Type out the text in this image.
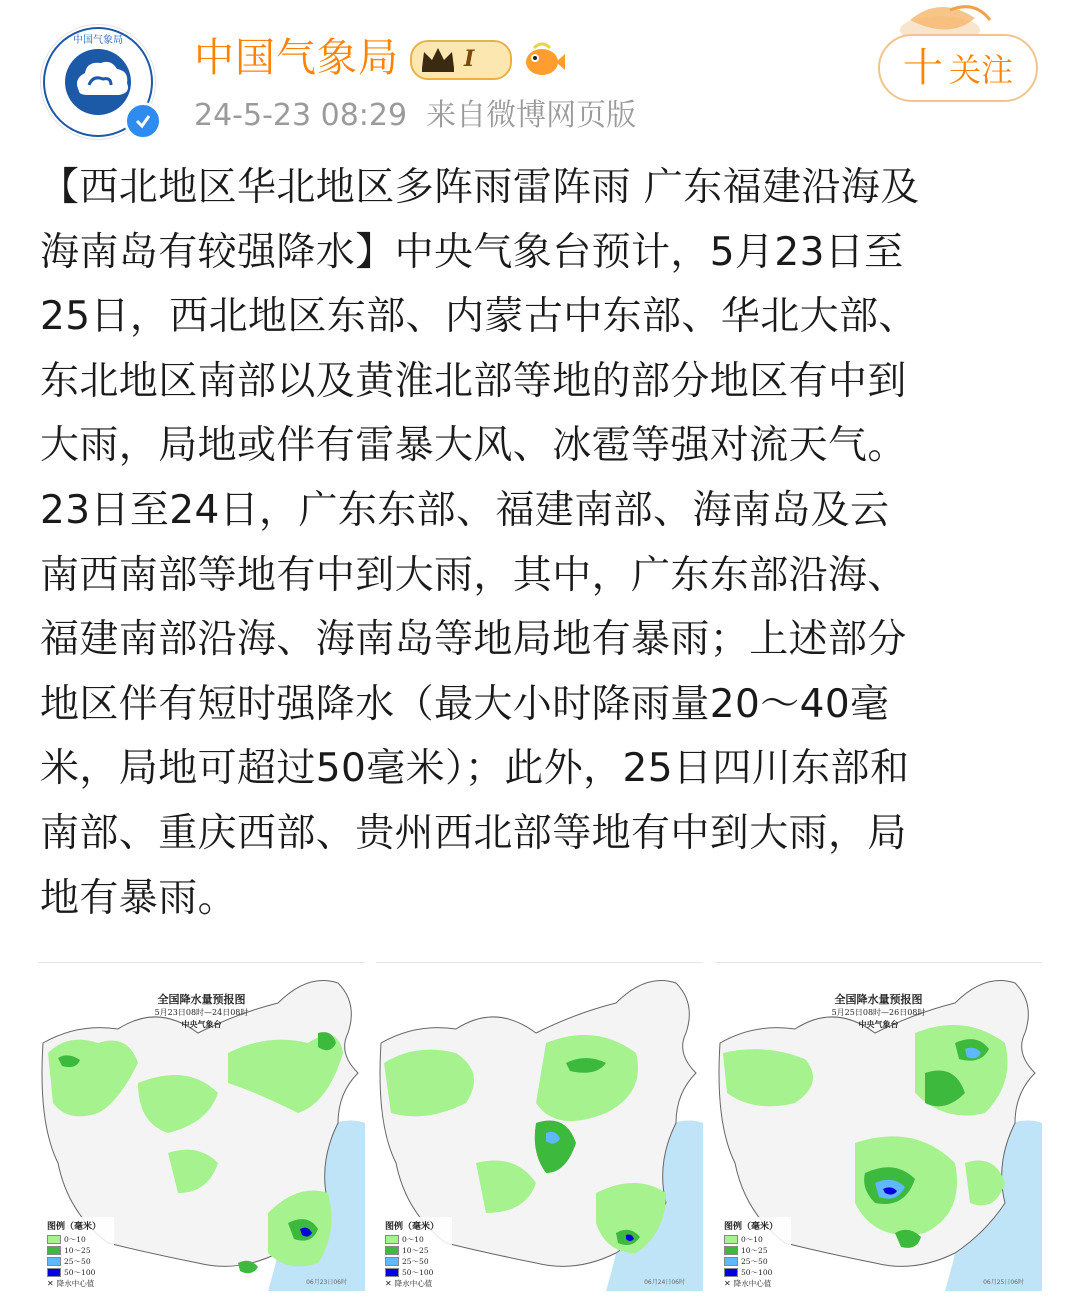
中国气象局 中国气象局	I
24-5-23 08:29 来自微博网页版
十 关注

【西北地区华北地区多阵雨雷阵雨 广东福建沿海及

海南岛有较强降水】中央气象台预计，5月23日至

25日，西北地区东部、内蒙古中东部、华北大部、

东北地区南部以及黄淮北部等地的部分地区有中到

大雨，局地或伴有雷暴大风、冰雹等强对流天气。

23日至24日，广东东部、福建南部、海南岛及云

南西南部等地有中到大雨，其中，广东东部沿海、

福建南部沿海、海南岛等地局地有暴雨；上述部分

地区伴有短时强降水（最大小时降雨量20～40毫

米，局地可超过50毫米）；此外，25日四川东部和

南部、重庆西部、贵州西北部等地有中到大雨，局

地有暴雨。

全国降水量预报图
5月23日08时—24日08时
中央气象台
图例（毫米）
0～10
10～25
25～50
50～100
✕ 降水中心值	06月23日06时
图例（毫米）
0～10
10～25
25～50
50～100
✕ 降水中心值	06月24日06时
全国降水量预报图
5月25日08时—26日08时
中央气象台
图例（毫米）
0～10
10～25
25～50
50～100
✕ 降水中心值	06月25日06时
